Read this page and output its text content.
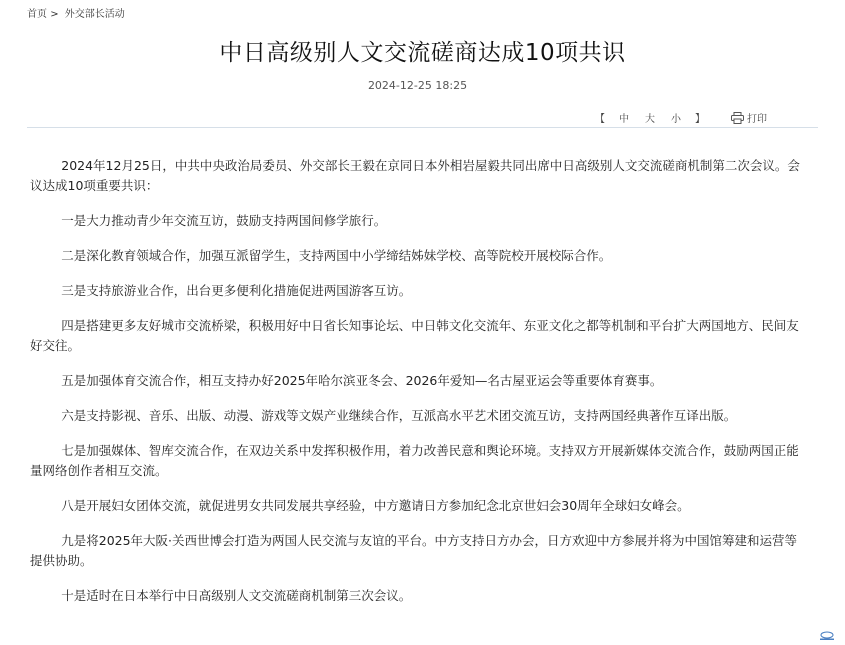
首页 > 外交部长活动
中日高级别人文交流磋商达成10项共识
2024-12-25 18:25
【 中 大 小 】	打印

2024年12月25日，中共中央政治局委员、外交部长王毅在京同日本外相岩屋毅共同出席中日高级别人文交流磋商机制第二次会议。会议达成10项重要共识：

一是大力推动青少年交流互访，鼓励支持两国间修学旅行。

二是深化教育领域合作，加强互派留学生，支持两国中小学缔结姊妹学校、高等院校开展校际合作。

三是支持旅游业合作，出台更多便利化措施促进两国游客互访。

四是搭建更多友好城市交流桥梁，积极用好中日省长知事论坛、中日韩文化交流年、东亚文化之都等机制和平台扩大两国地方、民间友好交往。

五是加强体育交流合作，相互支持办好2025年哈尔滨亚冬会、2026年爱知—名古屋亚运会等重要体育赛事。

六是支持影视、音乐、出版、动漫、游戏等文娱产业继续合作，互派高水平艺术团交流互访，支持两国经典著作互译出版。

七是加强媒体、智库交流合作，在双边关系中发挥积极作用，着力改善民意和舆论环境。支持双方开展新媒体交流合作，鼓励两国正能量网络创作者相互交流。

八是开展妇女团体交流，就促进男女共同发展共享经验，中方邀请日方参加纪念北京世妇会30周年全球妇女峰会。

九是将2025年大阪·关西世博会打造为两国人民交流与友谊的平台。中方支持日方办会，日方欢迎中方参展并将为中国馆筹建和运营等提供协助。

十是适时在日本举行中日高级别人文交流磋商机制第三次会议。
